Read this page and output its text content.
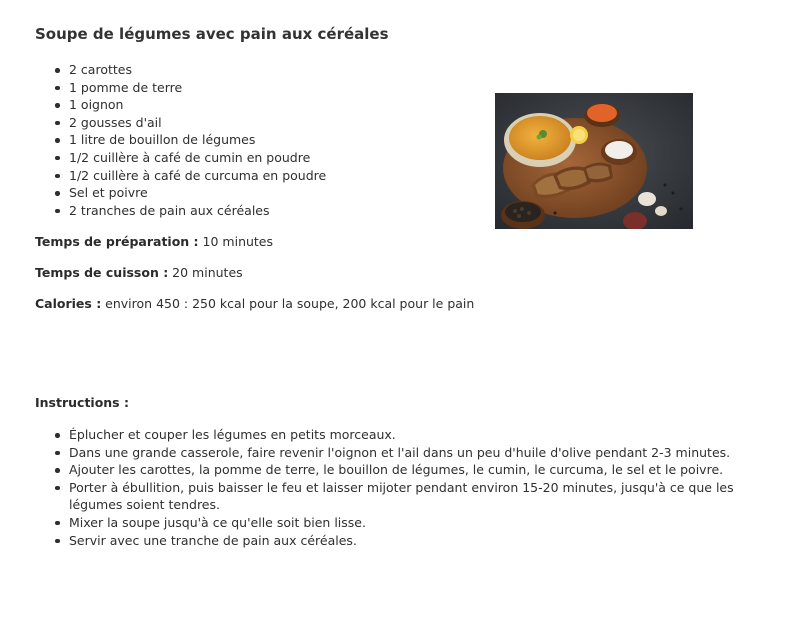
Soupe de légumes avec pain aux céréales
2 carottes
1 pomme de terre
1 oignon
2 gousses d'ail
1 litre de bouillon de légumes
1/2 cuillère à café de cumin en poudre
1/2 cuillère à café de curcuma en poudre
Sel et poivre
2 tranches de pain aux céréales

Temps de préparation : 10 minutes

Temps de cuisson : 20 minutes

Calories : environ 450 : 250 kcal pour la soupe, 200 kcal pour le pain

Instructions :

Éplucher et couper les légumes en petits morceaux.
Dans une grande casserole, faire revenir l'oignon et l'ail dans un peu d'huile d'olive pendant 2-3 minutes.
Ajouter les carottes, la pomme de terre, le bouillon de légumes, le cumin, le curcuma, le sel et le poivre.
Porter à ébullition, puis baisser le feu et laisser mijoter pendant environ 15-20 minutes, jusqu'à ce que les légumes soient tendres.
Mixer la soupe jusqu'à ce qu'elle soit bien lisse.
Servir avec une tranche de pain aux céréales.
